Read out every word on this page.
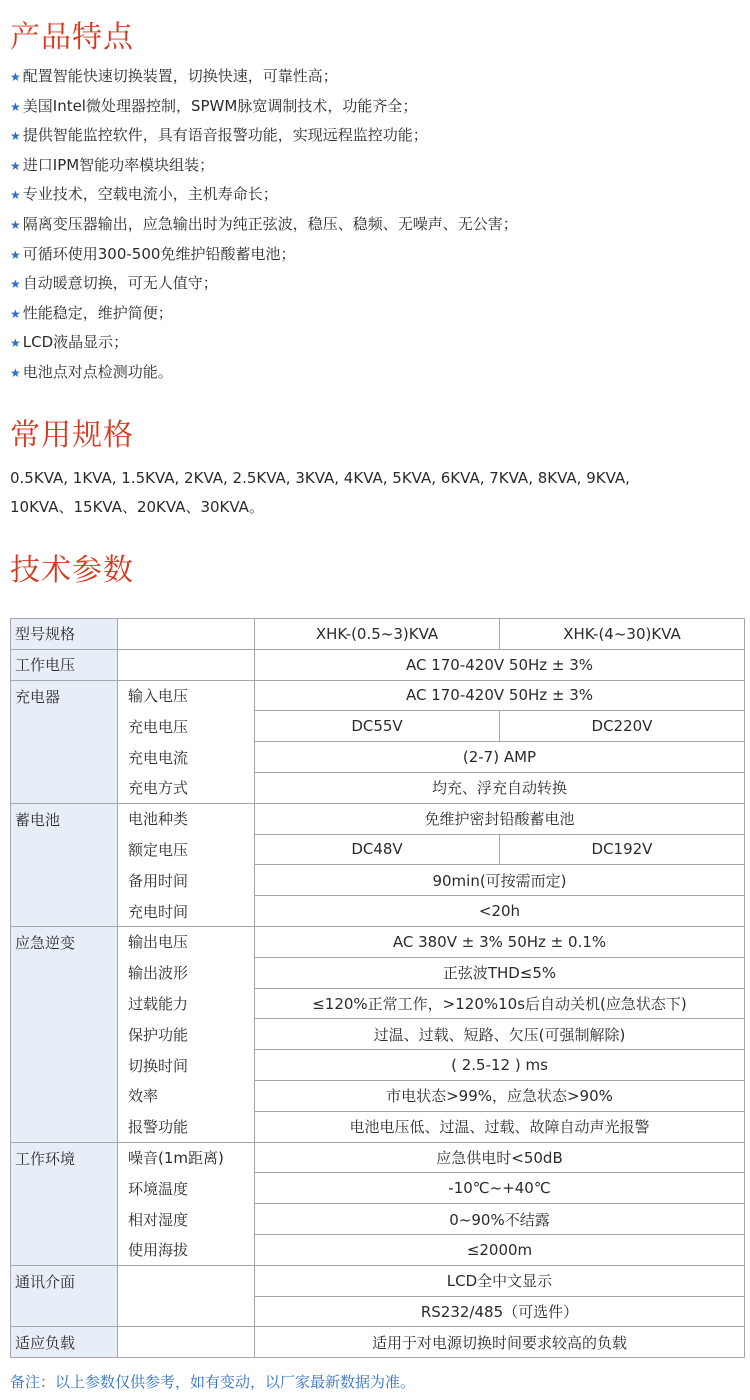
产品特点
★ 配置智能快速切换装置，切换快速，可靠性高；
★ 美国Intel微处理器控制，SPWM脉宽调制技术，功能齐全；
★ 提供智能监控软件，具有语音报警功能，实现远程监控功能；
★ 进口IPM智能功率模块组装；
★ 专业技术，空载电流小，主机寿命长；
★ 隔离变压器输出，应急输出时为纯正弦波，稳压、稳频、无噪声、无公害；
★ 可循环使用300-500免维护铅酸蓄电池；
★ 自动暖意切换，可无人值守；
★ 性能稳定，维护简便；
★ LCD液晶显示；
★ 电池点对点检测功能。
常用规格
0.5KVA, 1KVA, 1.5KVA, 2KVA, 2.5KVA, 3KVA, 4KVA, 5KVA, 6KVA, 7KVA, 8KVA, 9KVA,
10KVA、15KVA、20KVA、30KVA。
技术参数
型号规格		XHK-(0.5~3)KVA	XHK-(4~30)KVA
工作电压		AC 170-420V 50Hz ± 3%	
充电器	输入电压	AC 170-420V 50Hz ± 3%	
	充电电压	DC55V	DC220V
	充电电流	(2-7) AMP	
	充电方式	均充、浮充自动转换	
蓄电池	电池种类	免维护密封铅酸蓄电池	
	额定电压	DC48V	DC192V
	备用时间	90min(可按需而定)	
	充电时间	<20h	
应急逆变	输出电压	AC 380V ± 3% 50Hz ± 0.1%	
	输出波形	正弦波THD≤5%	
	过载能力	≤120%正常工作，>120%10s后自动关机(应急状态下)	
	保护功能	过温、过载、短路、欠压(可强制解除)	
	切换时间	( 2.5-12 ) ms	
	效率	市电状态>99%，应急状态>90%	
	报警功能	电池电压低、过温、过载、故障自动声光报警	
工作环境	噪音(1m距离)	应急供电时<50dB	
	环境温度	-10℃~+40℃	
	相对湿度	0~90%不结露	
	使用海拔	≤2000m	
通讯介面		LCD全中文显示	
		RS232/485（可选件）	
适应负载		适用于对电源切换时间要求较高的负载	
备注：以上参数仅供参考，如有变动，以厂家最新数据为准。
